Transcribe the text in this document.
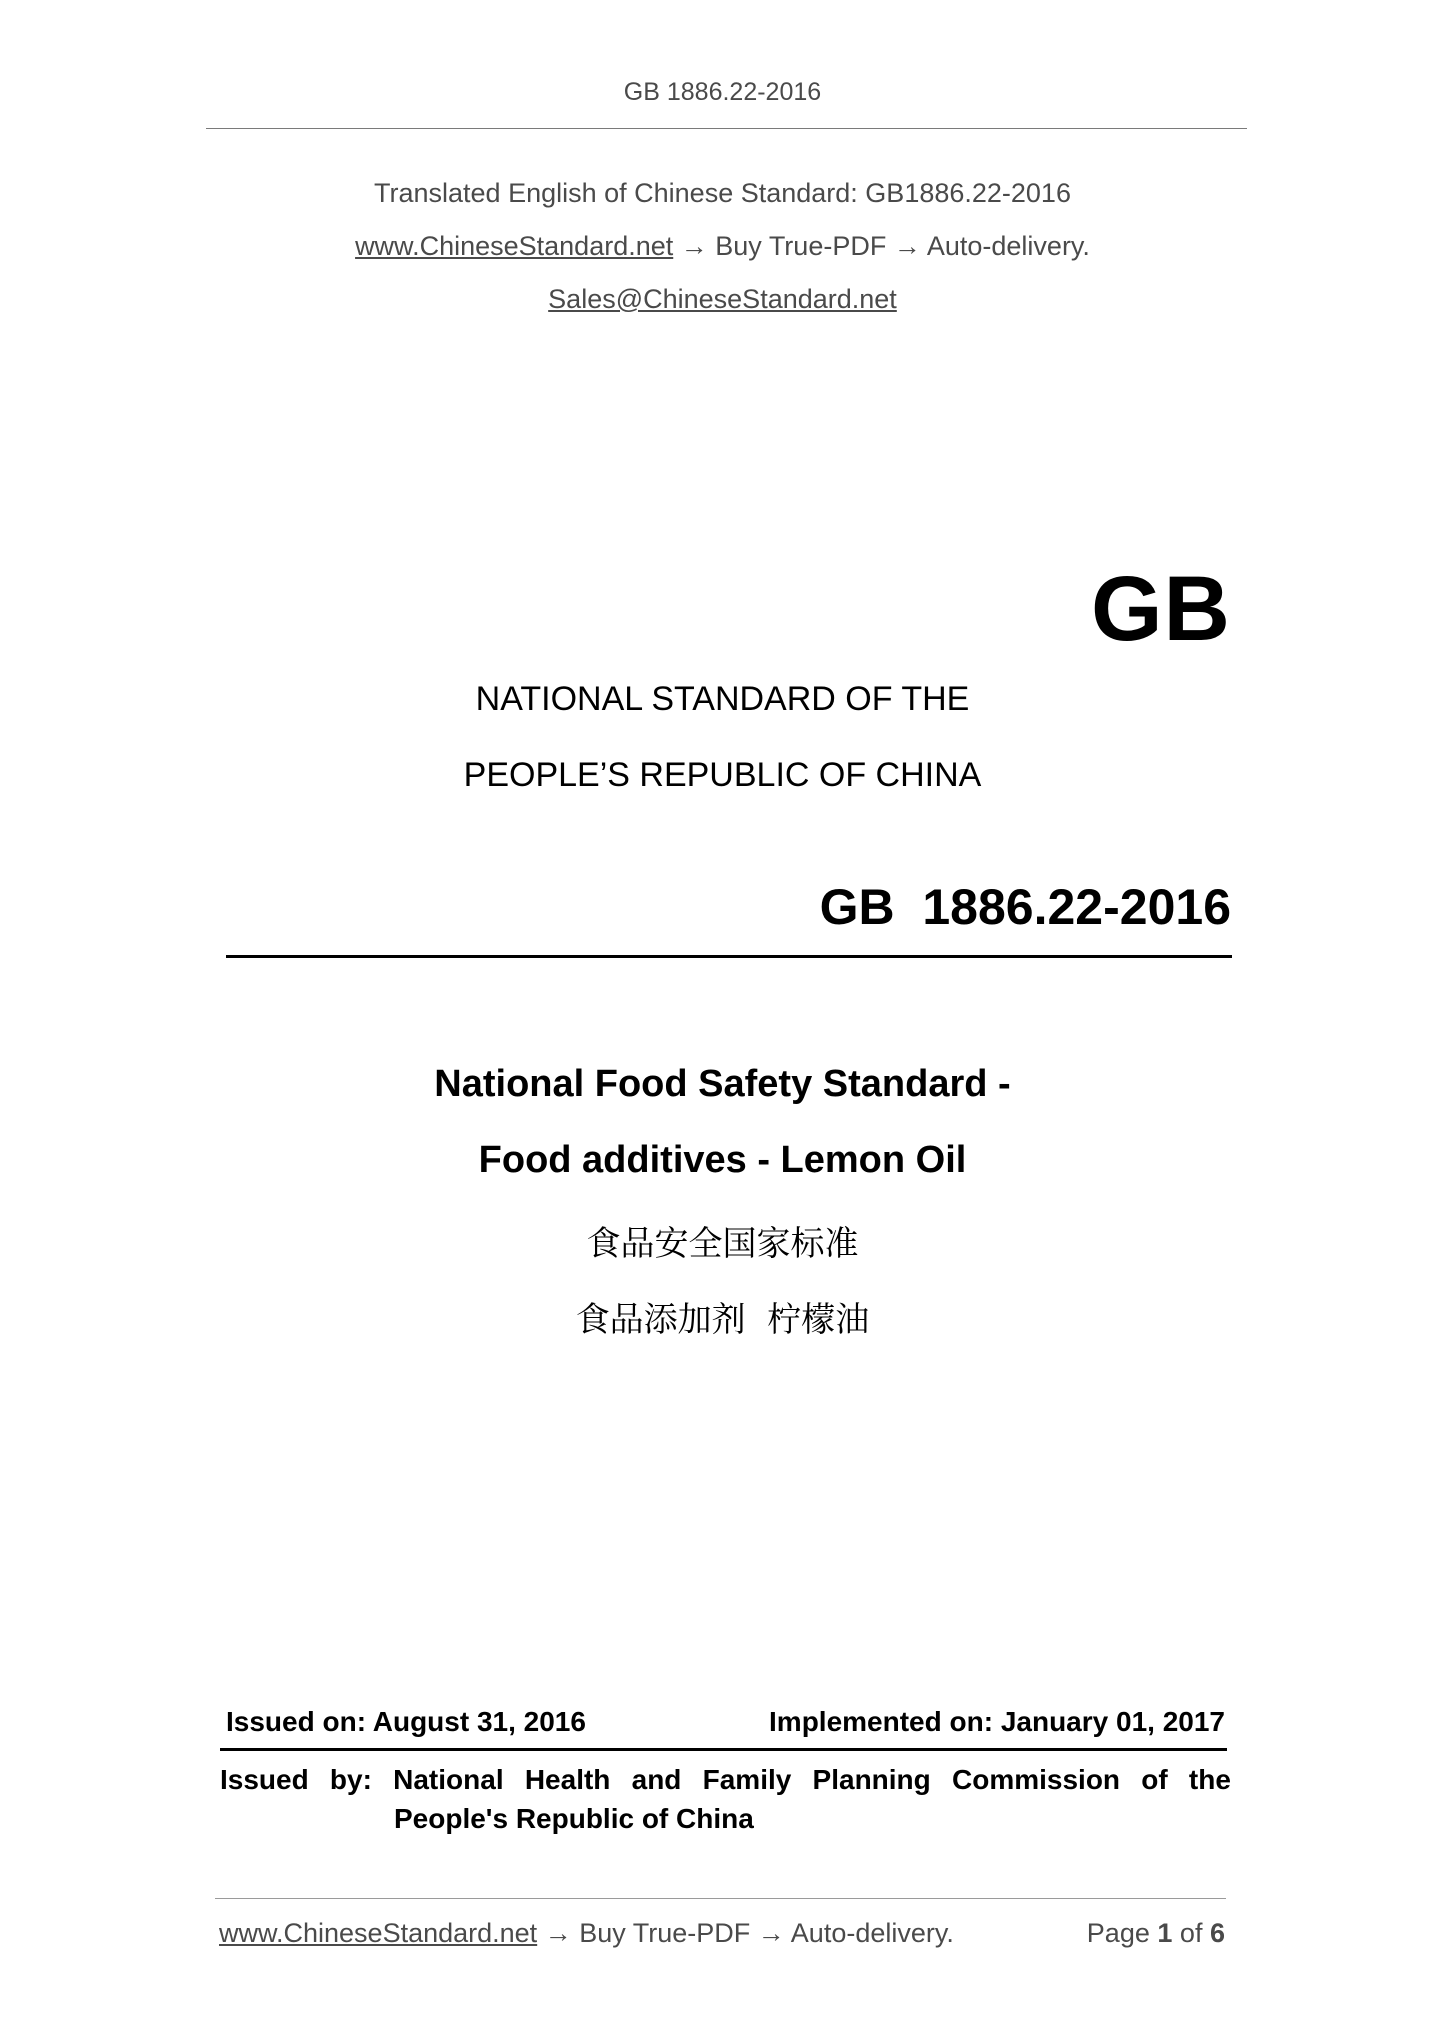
GB 1886.22-2016
Translated English of Chinese Standard: GB1886.22-2016
www.ChineseStandard.net → Buy True-PDF → Auto-delivery.
Sales@ChineseStandard.net
GB
NATIONAL STANDARD OF THE
PEOPLE’S REPUBLIC OF CHINA
GB  1886.22-2016
National Food Safety Standard -
Food additives - Lemon Oil
食品安全国家标准
食品添加剂  柠檬油
Issued on: August 31, 2016	Implemented on: January 01, 2017
Issued by: National Health and Family Planning Commission of the
People's Republic of China
www.ChineseStandard.net → Buy True-PDF → Auto-delivery.	Page 1 of 6
